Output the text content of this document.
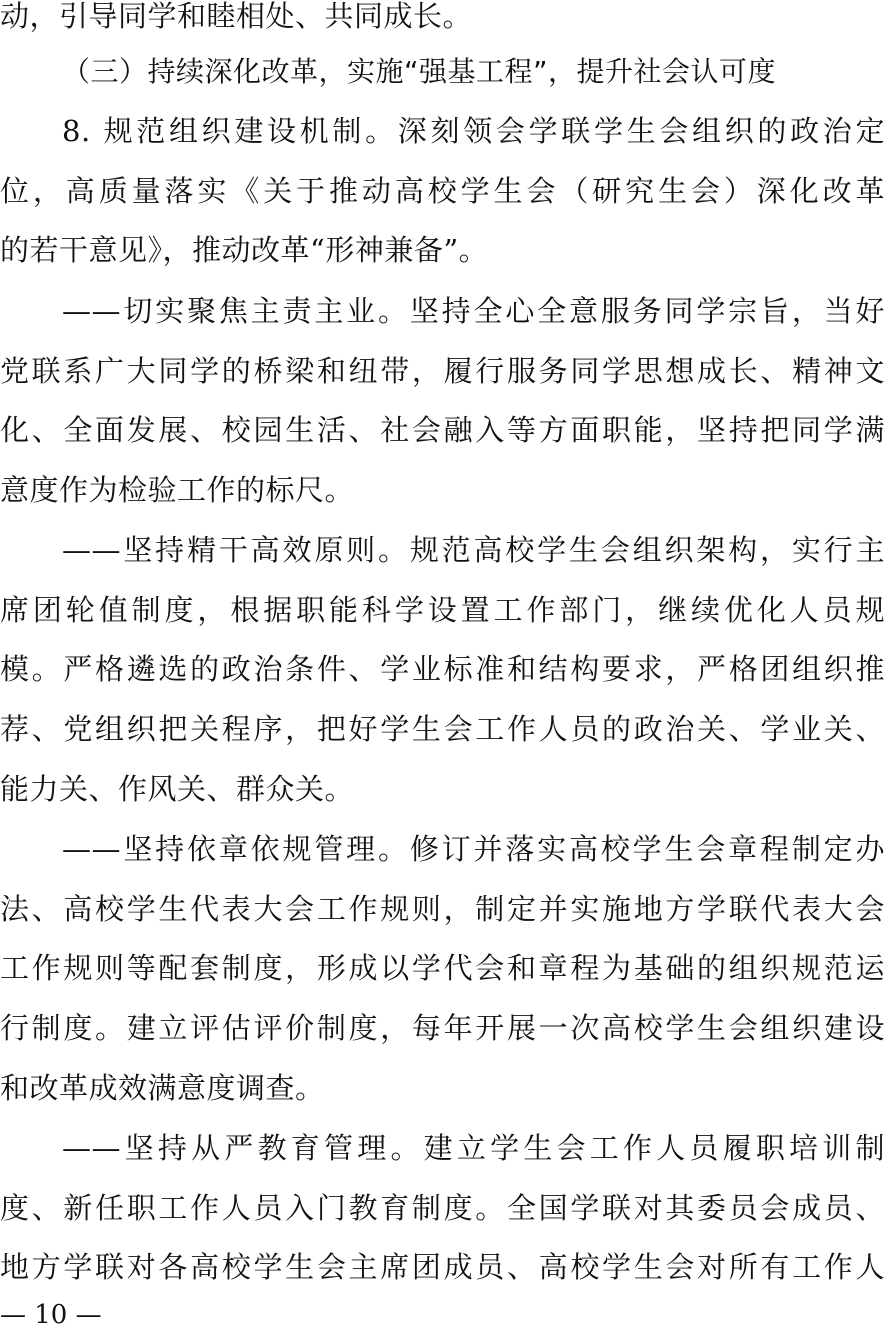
动，引导同学和睦相处、共同成长。
（三）持续深化改革，实施“强基工程”，提升社会认可度
8. 规范组织建设机制。深刻领会学联学生会组织的政治定
位，高质量落实《关于推动高校学生会（研究生会）深化改革
的若干意见》，推动改革“形神兼备”。
——切实聚焦主责主业。坚持全心全意服务同学宗旨，当好
党联系广大同学的桥梁和纽带，履行服务同学思想成长、精神文
化、全面发展、校园生活、社会融入等方面职能，坚持把同学满
意度作为检验工作的标尺。
——坚持精干高效原则。规范高校学生会组织架构，实行主
席团轮值制度，根据职能科学设置工作部门，继续优化人员规
模。严格遴选的政治条件、学业标准和结构要求，严格团组织推
荐、党组织把关程序，把好学生会工作人员的政治关、学业关、
能力关、作风关、群众关。
——坚持依章依规管理。修订并落实高校学生会章程制定办
法、高校学生代表大会工作规则，制定并实施地方学联代表大会
工作规则等配套制度，形成以学代会和章程为基础的组织规范运
行制度。建立评估评价制度，每年开展一次高校学生会组织建设
和改革成效满意度调查。
——坚持从严教育管理。建立学生会工作人员履职培训制
度、新任职工作人员入门教育制度。全国学联对其委员会成员、
地方学联对各高校学生会主席团成员、高校学生会对所有工作人
— 10 —
